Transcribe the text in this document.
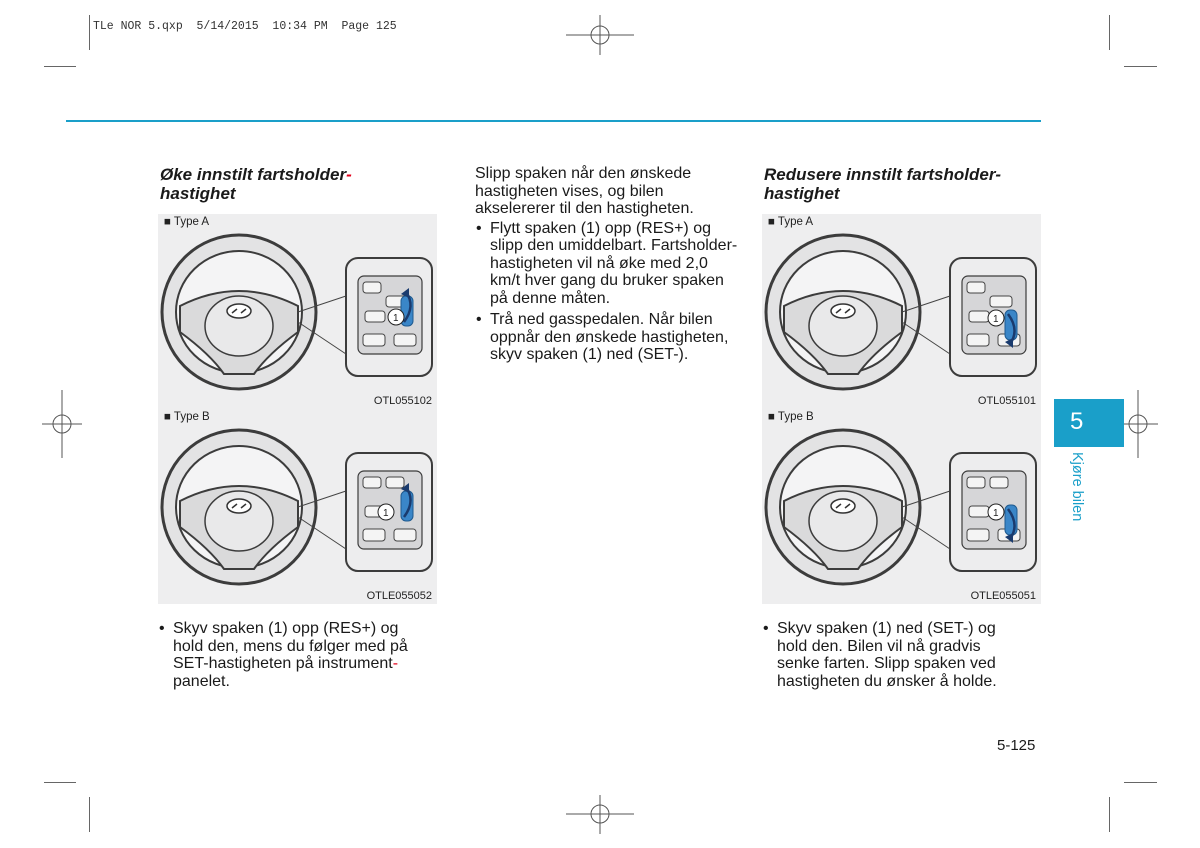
TLe NOR 5.qxp  5/14/2015  10:34 PM  Page 125
Øke innstilt fartsholder-
hastighet
1
■ Type A
OTL055102
1
■ Type B
OTLE055052
• Skyv spaken (1) opp (RES+) og
hold den, mens du følger med på
SET-hastigheten på instrument-
panelet.
Slipp spaken når den ønskede
hastigheten vises, og bilen
akselererer til den hastigheten.
• Flytt spaken (1) opp (RES+) og
slipp den umiddelbart. Fartsholder-
hastigheten vil nå øke med 2,0
km/t hver gang du bruker spaken
på denne måten.
• Trå ned gasspedalen. Når bilen
oppnår den ønskede hastigheten,
skyv spaken (1) ned (SET-).
Redusere innstilt fartsholder-
hastighet
1
■ Type A
OTL055101
1
■ Type B
OTLE055051
• Skyv spaken (1) ned (SET-) og
hold den. Bilen vil nå gradvis
senke farten. Slipp spaken ved
hastigheten du ønsker å holde.
5
Kjøre bilen
5-125
